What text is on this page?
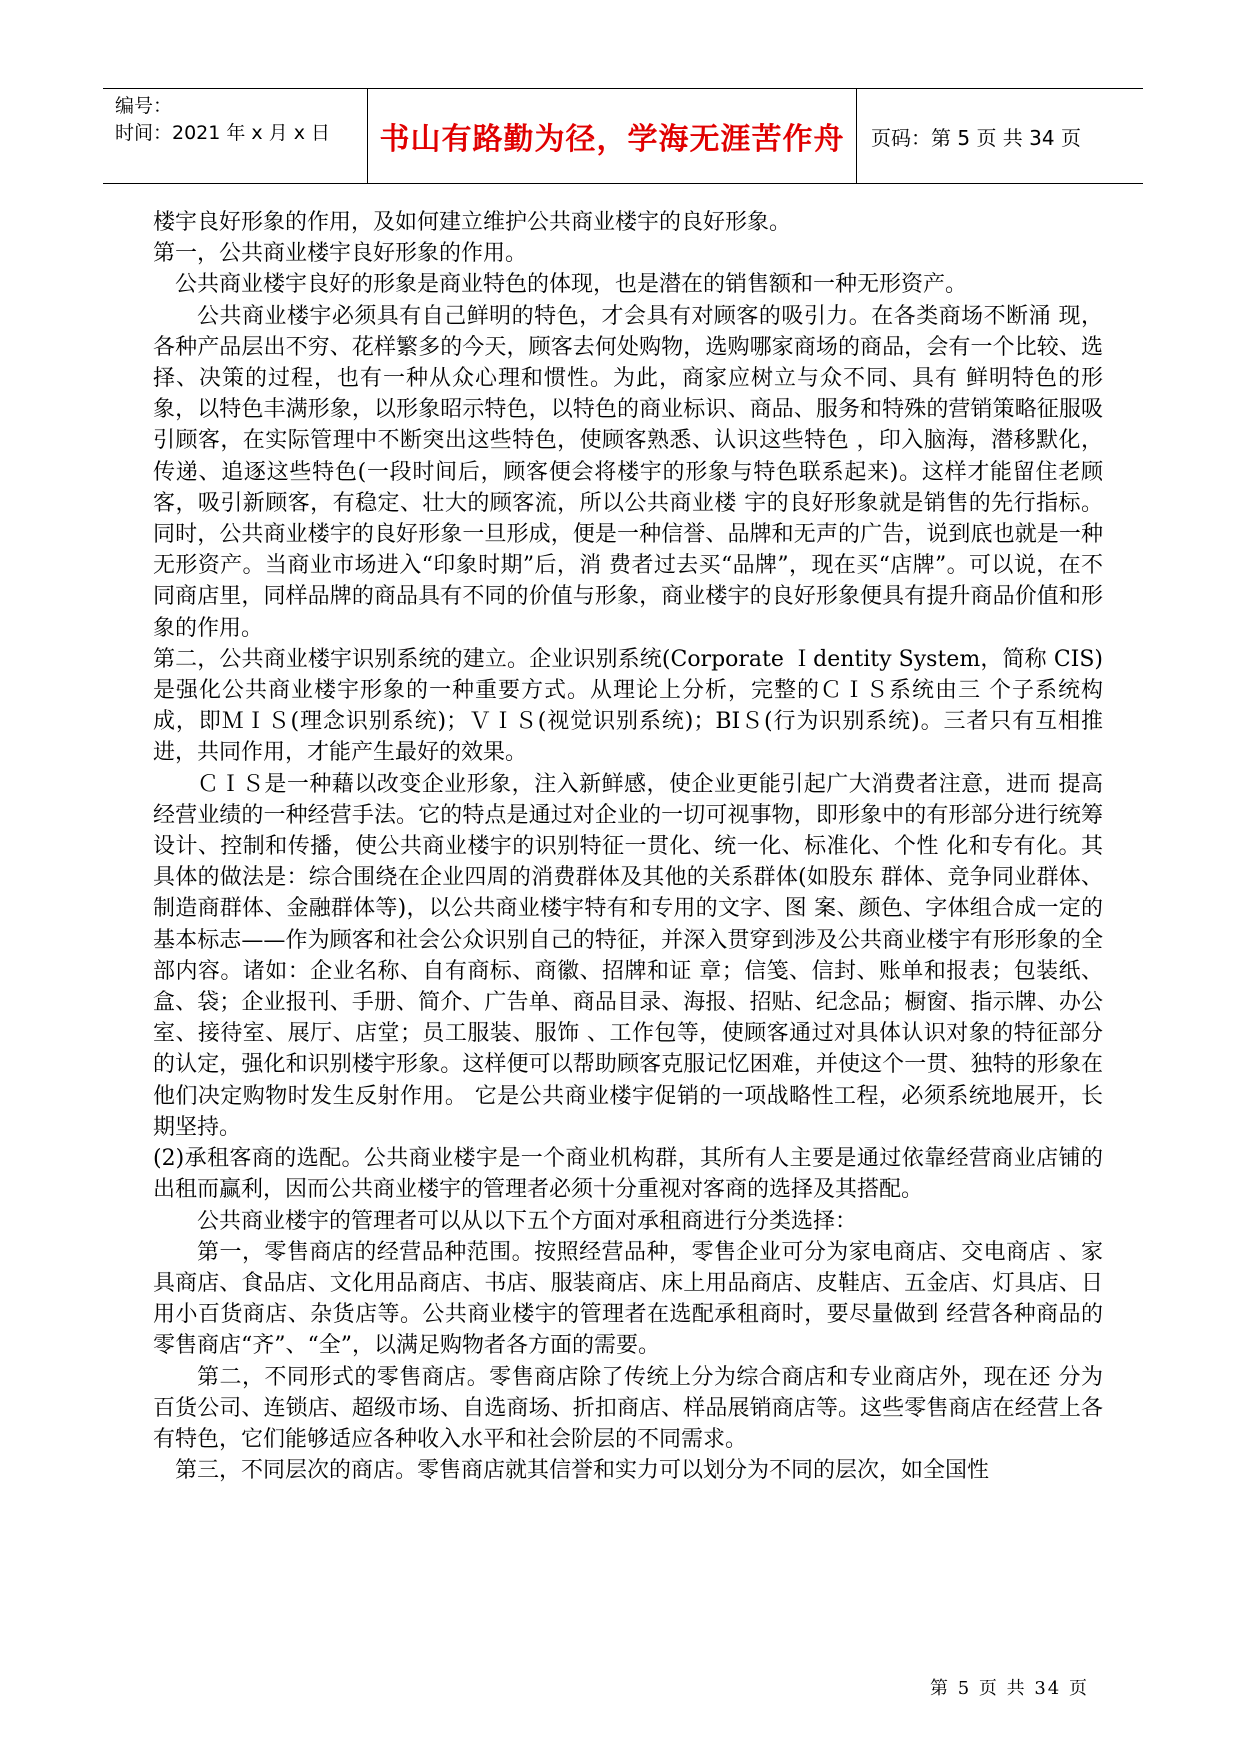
编号：
时间：2021 年 x 月 x 日	书山有路勤为径，学海无涯苦作舟	页码：第 5 页 共 34 页

楼宇良好形象的作用，及如何建立维护公共商业楼宇的良好形象。

第一，公共商业楼宇良好形象的作用。

公共商业楼宇良好的形象是商业特色的体现，也是潜在的销售额和一种无形资产。

公共商业楼宇必须具有自己鲜明的特色，才会具有对顾客的吸引力。在各类商场不断涌 现，各种产品层出不穷、花样繁多的今天，顾客去何处购物，选购哪家商场的商品，会有一个比较、选择、决策的过程，也有一种从众心理和惯性。为此，商家应树立与众不同、具有 鲜明特色的形象，以特色丰满形象，以形象昭示特色，以特色的商业标识、商品、服务和特殊的营销策略征服吸引顾客，在实际管理中不断突出这些特色，使顾客熟悉、认识这些特色 ，印入脑海，潜移默化，传递、追逐这些特色(一段时间后，顾客便会将楼宇的形象与特色联系起来)。这样才能留住老顾客，吸引新顾客，有稳定、壮大的顾客流，所以公共商业楼 宇的良好形象就是销售的先行指标。同时，公共商业楼宇的良好形象一旦形成，便是一种信誉、品牌和无声的广告，说到底也就是一种无形资产。当商业市场进入“印象时期”后，消 费者过去买“品牌”，现在买“店牌”。可以说，在不同商店里，同样品牌的商品具有不同的价值与形象，商业楼宇的良好形象便具有提升商品价值和形象的作用。

第二，公共商业楼宇识别系统的建立。企业识别系统(Corporate Ｉdentity System，简称 CIS)是强化公共商业楼宇形象的一种重要方式。从理论上分析，完整的ＣＩＳ系统由三 个子系统构成，即ＭＩＳ(理念识别系统)；ＶＩＳ(视觉识别系统)；BIＳ(行为识别系统)。三者只有互相推进，共同作用，才能产生最好的效果。

ＣＩＳ是一种藉以改变企业形象，注入新鲜感，使企业更能引起广大消费者注意，进而 提高经营业绩的一种经营手法。它的特点是通过对企业的一切可视事物，即形象中的有形部分进行统筹设计、控制和传播，使公共商业楼宇的识别特征一贯化、统一化、标准化、个性 化和专有化。其具体的做法是：综合围绕在企业四周的消费群体及其他的关系群体(如股东 群体、竞争同业群体、制造商群体、金融群体等)，以公共商业楼宇特有和专用的文字、图 案、颜色、字体组合成一定的基本标志——作为顾客和社会公众识别自己的特征，并深入贯穿到涉及公共商业楼宇有形形象的全部内容。诸如：企业名称、自有商标、商徽、招牌和证 章；信笺、信封、账单和报表；包装纸、盒、袋；企业报刊、手册、简介、广告单、商品目录、海报、招贴、纪念品；橱窗、指示牌、办公室、接待室、展厅、店堂；员工服装、服饰 、工作包等，使顾客通过对具体认识对象的特征部分的认定，强化和识别楼宇形象。这样便可以帮助顾客克服记忆困难，并使这个一贯、独特的形象在他们决定购物时发生反射作用。 它是公共商业楼宇促销的一项战略性工程，必须系统地展开，长期坚持。

(2)承租客商的选配。公共商业楼宇是一个商业机构群，其所有人主要是通过依靠经营商业店铺的出租而赢利，因而公共商业楼宇的管理者必须十分重视对客商的选择及其搭配。

公共商业楼宇的管理者可以从以下五个方面对承租商进行分类选择：

第一，零售商店的经营品种范围。按照经营品种，零售企业可分为家电商店、交电商店 、家具商店、食品店、文化用品商店、书店、服装商店、床上用品商店、皮鞋店、五金店、灯具店、日用小百货商店、杂货店等。公共商业楼宇的管理者在选配承租商时，要尽量做到 经营各种商品的零售商店“齐”、“全”，以满足购物者各方面的需要。

第二，不同形式的零售商店。零售商店除了传统上分为综合商店和专业商店外，现在还 分为百货公司、连锁店、超级市场、自选商场、折扣商店、样品展销商店等。这些零售商店在经营上各有特色，它们能够适应各种收入水平和社会阶层的不同需求。

第三，不同层次的商店。零售商店就其信誉和实力可以划分为不同的层次，如全国性

第 5 页 共 34 页
